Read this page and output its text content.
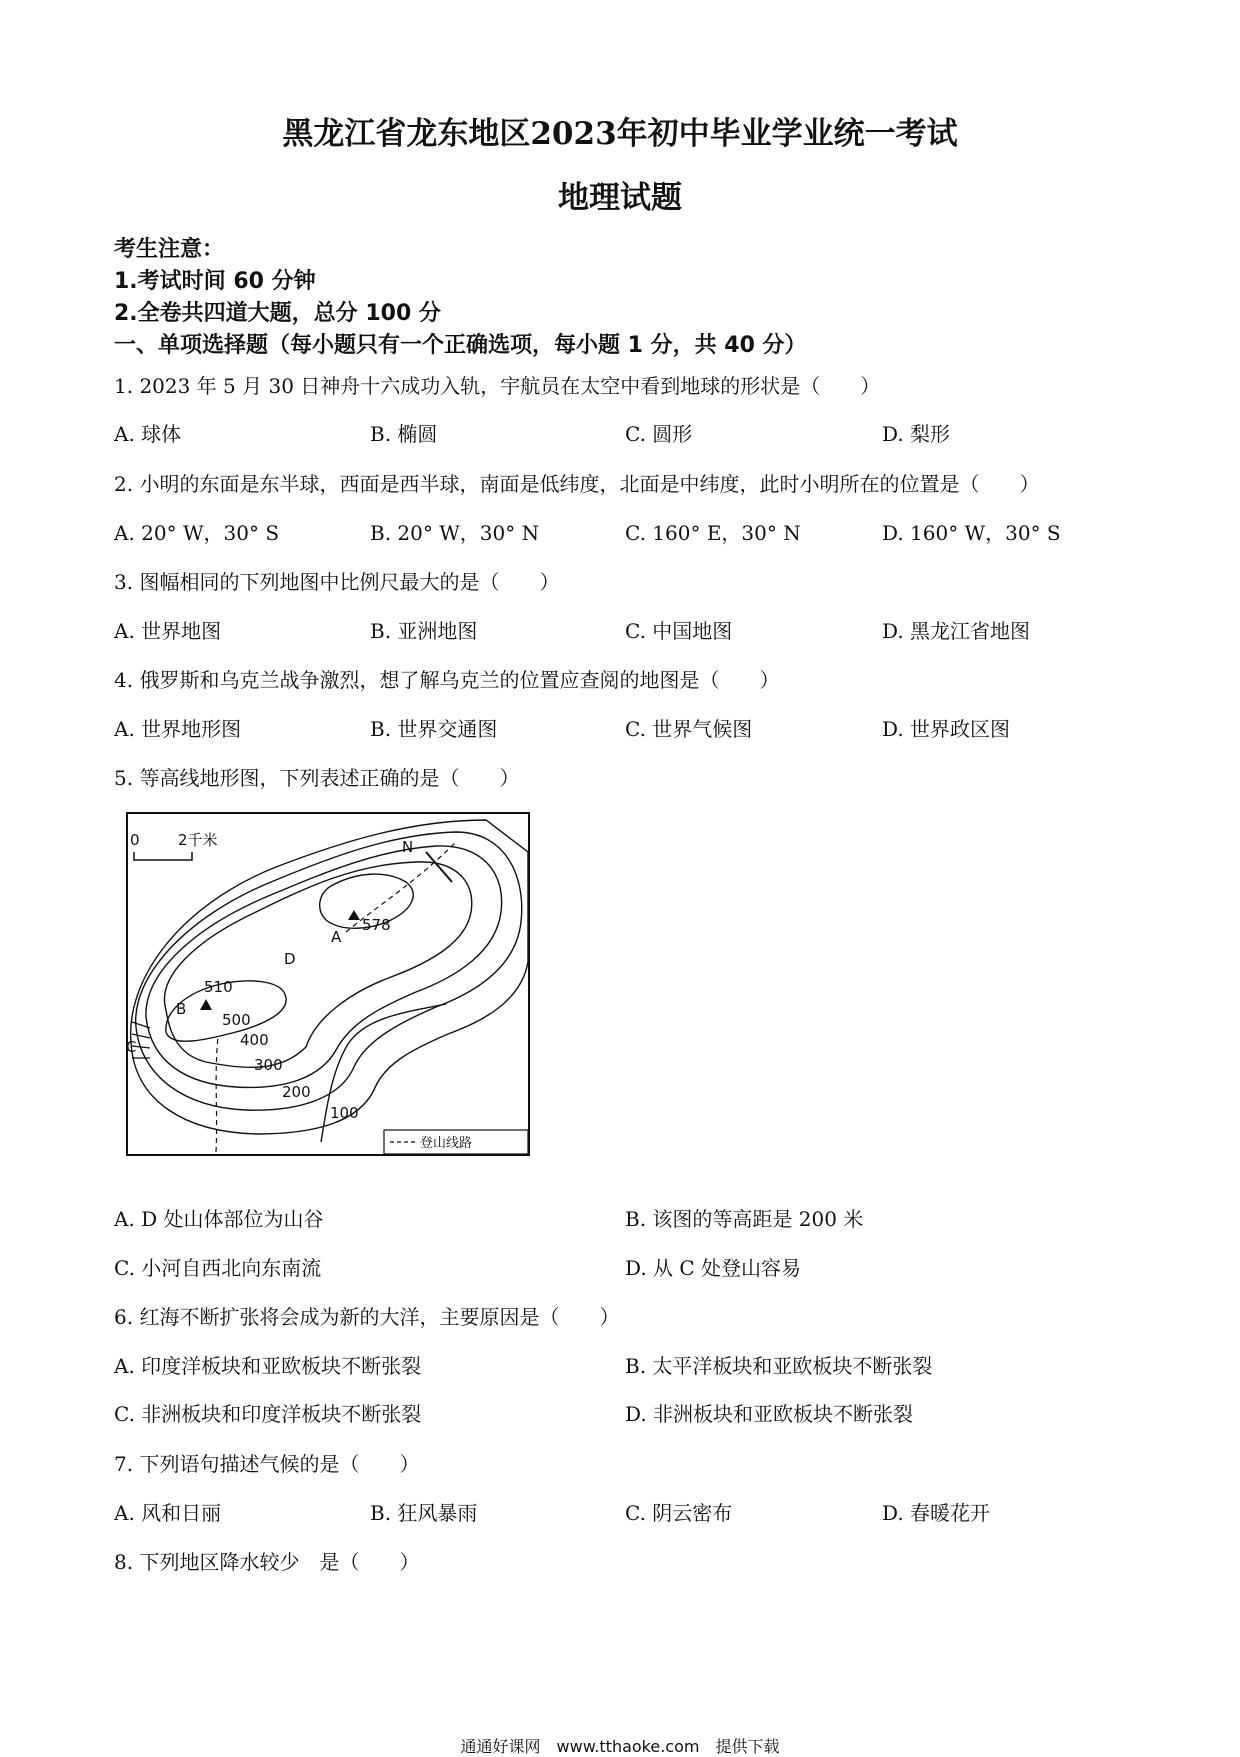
黑龙江省龙东地区2023年初中毕业学业统一考试
地理试题
考生注意：
1.考试时间 60 分钟
2.全卷共四道大题，总分 100 分
一、单项选择题（每小题只有一个正确选项，每小题 1 分，共 40 分）
1. 2023 年 5 月 30 日神舟十六成功入轨，宇航员在太空中看到地球的形状是（　　）
A. 球体	B. 椭圆	C. 圆形	D. 梨形
2. 小明的东面是东半球，西面是西半球，南面是低纬度，北面是中纬度，此时小明所在的位置是（　　）
A. 20° W，30° S	B. 20° W，30° N	C. 160° E，30° N	D. 160° W，30° S
3. 图幅相同的下列地图中比例尺最大的是（　　）
A. 世界地图	B. 亚洲地图	C. 中国地图	D. 黑龙江省地图
4. 俄罗斯和乌克兰战争激烈，想了解乌克兰的位置应查阅的地图是（　　）
A. 世界地形图	B. 世界交通图	C. 世界气候图	D. 世界政区图
5. 等高线地形图，下列表述正确的是（　　）
0	2千米	N
A
578
B
510
D
C
500
400
300
200
100
登山线路
A. D 处山体部位为山谷	B. 该图的等高距是 200 米
C. 小河自西北向东南流	D. 从 C 处登山容易
6. 红海不断扩张将会成为新的大洋，主要原因是（　　）
A. 印度洋板块和亚欧板块不断张裂	B. 太平洋板块和亚欧板块不断张裂
C. 非洲板块和印度洋板块不断张裂	D. 非洲板块和亚欧板块不断张裂
7. 下列语句描述气候的是（　　）
A. 风和日丽	B. 狂风暴雨	C. 阴云密布	D. 春暖花开
8. 下列地区降水较少　是（　　）
通通好课网　www.tthaoke.com　提供下载
